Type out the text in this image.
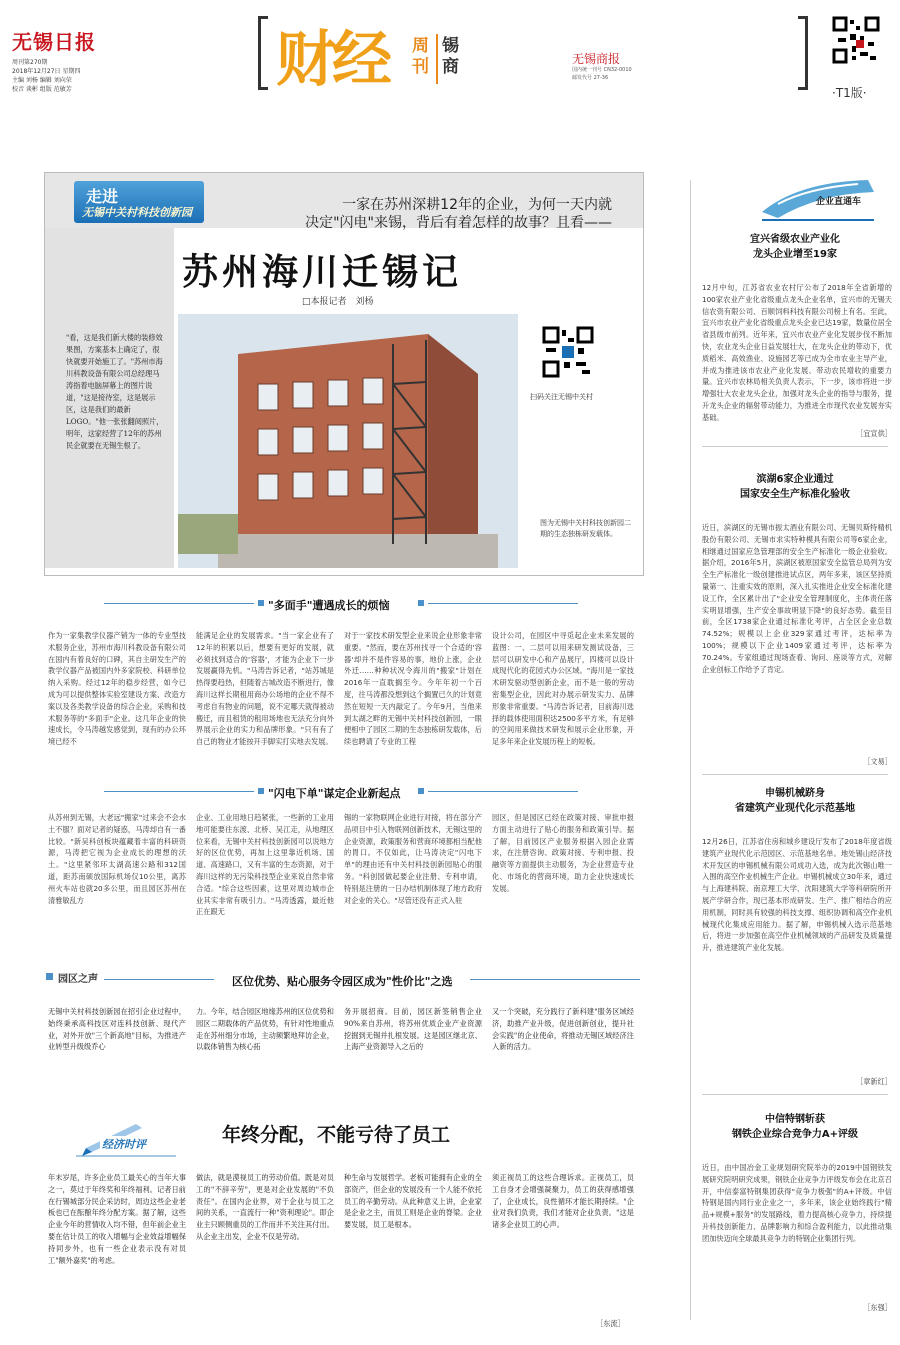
无锡日报
周刊第270期
2018年12月27日 星期四
主编 刘杨 编辑 刘向荣
校音 谈彬 组版 范敏芳	财经 周刊
锡商	无锡商报
国内统一刊号 CN32-0010
邮发代号 27-36
·T1版·
走进
无锡中关村科技创新园	一家在苏州深耕12年的企业，为何一天内就
决定"闪电"来锡，背后有着怎样的故事？且看——
苏州海川迁锡记
□本报记者　刘杨
"看，这是我们新大楼的装修效果图，方案基本上确定了，很快就要开始施工了。"苏州市海川科教设备有限公司总经理马涛指着电脑屏幕上的图片说道，"这是接待室，这是展示区，这是我们的最新LOGO。"他一张张翻阅照片，明年，这家经营了12年的苏州民企就要在无锡生根了。
扫码关注无锡中关村
图为无锡中关村科技创新园二期的生态独栋研发载体。
"多面手"遭遇成长的烦恼
作为一家集教学仪器产销为一体的专业型技术服务企业，苏州市海川科教设备有限公司在国内有着良好的口碑，其自主研发生产的教学仪器产品被国内外多家院校、科研单位纳入采购。经过12年的稳步经营，如今已成为可以提供整体实验室建设方案、改造方案以及各类教学设备的综合企业，采购和技术服务等的"多面手"企业。这几年企业的快速成长，令马涛越发感觉到，现有的办公环境已经不
能满足企业的发展需求。"当一家企业有了12年的积累以后，想要有更好的发展，就必须找到适合的'容器'，才能为企业下一步发展赢得先机。"马涛告诉记者，"站苏城是热得要趋热，但随着古城改造不断进行，像海川这样长期租用商办公场地的企业不得不考虑自有物业的问题，说不定哪天就得被动搬迁，而且租赁的租用场地也无法充分向外界展示企业的实力和品牌形象。"只有有了自己的物业才能按开手脚实打实地去发展。
对于一家技术研发型企业来说企业形象非常重要。"然而，要在苏州找寻一个合适的'容器'却并不是件容易的事，地价上涨，企业外迁……种种状况令海川的"搬家"计划在2016年一直耽搁至今。今年年初一个百度，往马涛都没想到这个搁置已久的计划竟然在短短一天内敲定了。今年9月，当他来到太湖之畔的无锡中关村科技创新园，一眼便相中了园区二期的生态独栋研发载体，后续也聘请了专业的工程
设计公司，在园区中寻觅起企业未来发展的蓝图：一、二层可以用来研发测试设备，三层可以研发中心和产品展厅，四楼可以设计成现代化的花园式办公区域。"海川是一家技术研发驱动型创新企业，而不是一般的劳动密集型企业，因此对办展示研发实力、品牌形象非常重要。"马涛告诉记者，目前海川选择的载体使用面积达2500多平方米，有足够的空间用来做技术研发和展示企业形象，开足多年来企业发展历程上的短板。
"闪电下单"谋定企业新起点
从苏州到无锡，大老远"搬家"过来会不会水土不服？面对记者的疑惑，马涛却自有一番比较。"新吴科创板块蕴藏着丰富的科研资源，马涛把它视为企业成长的理想的沃土。"这里紧邻环太湖高速公路和312国道，距苏南硕放国际机场仅10公里，离苏州火车站也就20多公里，而且园区苏州在清雅敏乱方
企业、工业用地日趋紧张，一些新的工业用地可能要往东渡、北桥、吴江走，从地理区位来看，无锡中关村科技创新园可以说地方好的区位优势，再加上这里靠近机场、国道、高速路口，又有丰富的生态资源，对于海川这样的无污染科技型企业来说自然非常合适。"综合这些因素，这里对周边城市企业其实非常有吸引力。"马涛透露，最近他正在跟无
锡的一家物联网企业进行对接，将在部分产品项目中引入物联网创新技术，无锡这里的企业资源，政策服务和营商环境都相当配他的胃口。不仅如此，让马涛决定"闪电下单"的理由还有中关村科技创新园贴心的服务。"科创园做起要企业注册、专利申请，特别是注册的一日办结机制体现了地方政府对企业的关心。"尽管还没有正式入驻
园区，但是园区已经在政策对接、审批申报方面主动进行了贴心的服务和政策引导。据了解，目前园区产业服务根据入园企业需求，在注册咨询、政策对接、专利申报、投融资等方面提供主动服务，为企业营造专业化、市场化的营商环境，助力企业快速成长发展。
园区之声	区位优势、贴心服务令园区成为"性价比"之选
无锡中关村科技创新园在招引企业过程中，始终秉承高科技区对连科技创新、现代产业，对外开放"三个新高地"目标，为推进产业转型升级级乔心
力。今年，结合园区地缘苏州的区位优势和园区二期载体的产品优势，有针对性地重点走在苏州细分市场，主动频繁地拜访企业，以载体销售为核心拓
务开展招商。目前，园区新签销售企业90%来自苏州，将苏州优质企业产业资源挖掘到无锡并扎根发展。这是园区继北京、上海产业资源导入之后的
又一个突破，充分践行了新科建"服务区域经济，助推产业升级，促进创新创业，提升社会实践"的企业使命，将推动无锡区域经济注入新的活力。
经济时评	年终分配，不能亏待了员工
年末岁尾，许多企业员工最关心的当年大事之一，莫过于年终奖和年终福利。记者日前在行锡城部分民企采访时，周边这些企业老板也已在酝酿年终分配方案。据了解，这些企业今年的营情收入均不错，但年前企业主要在估计员工的收入增幅与企业效益增幅保持同步外，也有一些企业表示没有对员工"额外嘉奖"的考虑。
做法，就是漠视员工的劳动价值。既是对员工的"不辞辛劳"，更是对企业发展的"不负责任"。在国内企业界，对于企业与员工之间的关系，一直流行一种"资利理论"。即企业主只顾侧重员的工作而并不关注其付出。从企业主出发，企业不仅是劳动。
种生命与发展哲学。老板可能拥有企业的全部资产，但企业的发展没有一个人能不依托员工的辛勤劳动。从此种意义上讲，企业家是企业之主，而员工则是企业的脊梁。企业要发展，员工是根本。
须正视员工的这些合理诉求。正视员工，员工自身才会增强凝聚力，员工的获得感增强了，企业成长，良性循环才能长期持续。"企业对我们负责，我们才能对企业负责。"这是诸多企业员工的心声。
［东流］
企业直通车
宜兴省级农业产业化
龙头企业增至19家
12月中旬，江苏省农业农村厅公布了2018年全省新增的100家农业产业化省级重点龙头企业名单，宜兴市的无锡天信农资有限公司、百顺饲料科技有限公司榜上有名。至此，宜兴市农业产业化省级重点龙头企业已达19家，数量位居全省县级市前列。近年来，宜兴市农业产业化发展步伐不断加快，农业龙头企业日益发展壮大，在龙头企业的带动下，优质稻米、高效渔业、设施园艺等已成为全市农业主导产业，并成为推进该市农业产业化发展、带动农民增收的重要力量。宜兴市农林局相关负责人表示，下一步，该市将进一步增强壮大农业龙头企业，加强对龙头企业的指导与服务，提升龙头企业的辐射带动能力，为推进全市现代农业发展夯实基础。
［宜宣供］
滨湖6家企业通过
国家安全生产标准化验收
近日，滨湖区的无锡市振太酒业有限公司、无锡贝斯特精机股份有限公司、无锡市求实特种模具有限公司等6家企业，相继通过国家应急管理部的安全生产标准化一级企业验收。据介绍，2016年5月，滨湖区被原国家安全监管总局列为安全生产标准化一级创建推进试点区，两年多来，该区坚持质量第一、注重实效的原则，深入扎实推进企业安全标准化建设工作，全区累计出了"企业安全管理制度化，主体责任落实明显增强，生产安全事故明显下降"的良好态势。截至目前，全区1738家企业通过标准化考评，占全区企业总数74.52%；规模以上企业329家通过考评，达标率为100%；规模以下企业1409家通过考评，达标率为70.24%。专家组通过现场查看、询问、座谈等方式，对解企业创标工作给予了肯定。
［文易］
申锡机械跻身
省建筑产业现代化示范基地
12月26日，江苏省住房和城乡建设厅发布了2018年度省级建筑产业现代化示范园区、示范基地名单。地处锡山经济技术开发区的申锡机械有限公司成功入选，成为此次锡山唯一入围的高空作业机械生产企业。申锡机械成立30年来，通过与上海建科院、南京理工大学、沈阳建筑大学等科研院所开展产学研合作，现已基本形成研发、生产、推广相结合的应用机制，同时具有较强的科技支撑、组织协调和高空作业机械现代化集成应用能力。据了解，申锡机械入选示范基地后，将进一步加强在高空作业机械领域的产品研发及质量提升，推进建筑产业化发展。
［章新红］
中信特钢斩获
钢铁企业综合竞争力A+评级
近日，由中国冶金工业规划研究院举办的2019中国钢铁发展研究院明研究成果，钢铁企业竞争力评级发布会在北京召开，中信泰富特钢集团获得"竞争力极强"的A+评级。中信特钢是国内同行业企业之一，多年来，该企业始终践行"精品+规模+服务"的发展路线，着力提高核心竞争力，持续提升科技创新能力、品牌影响力和综合盈利能力，以此推动集团加快迈向全球最具竞争力的特钢企业集团行列。
［东强］
